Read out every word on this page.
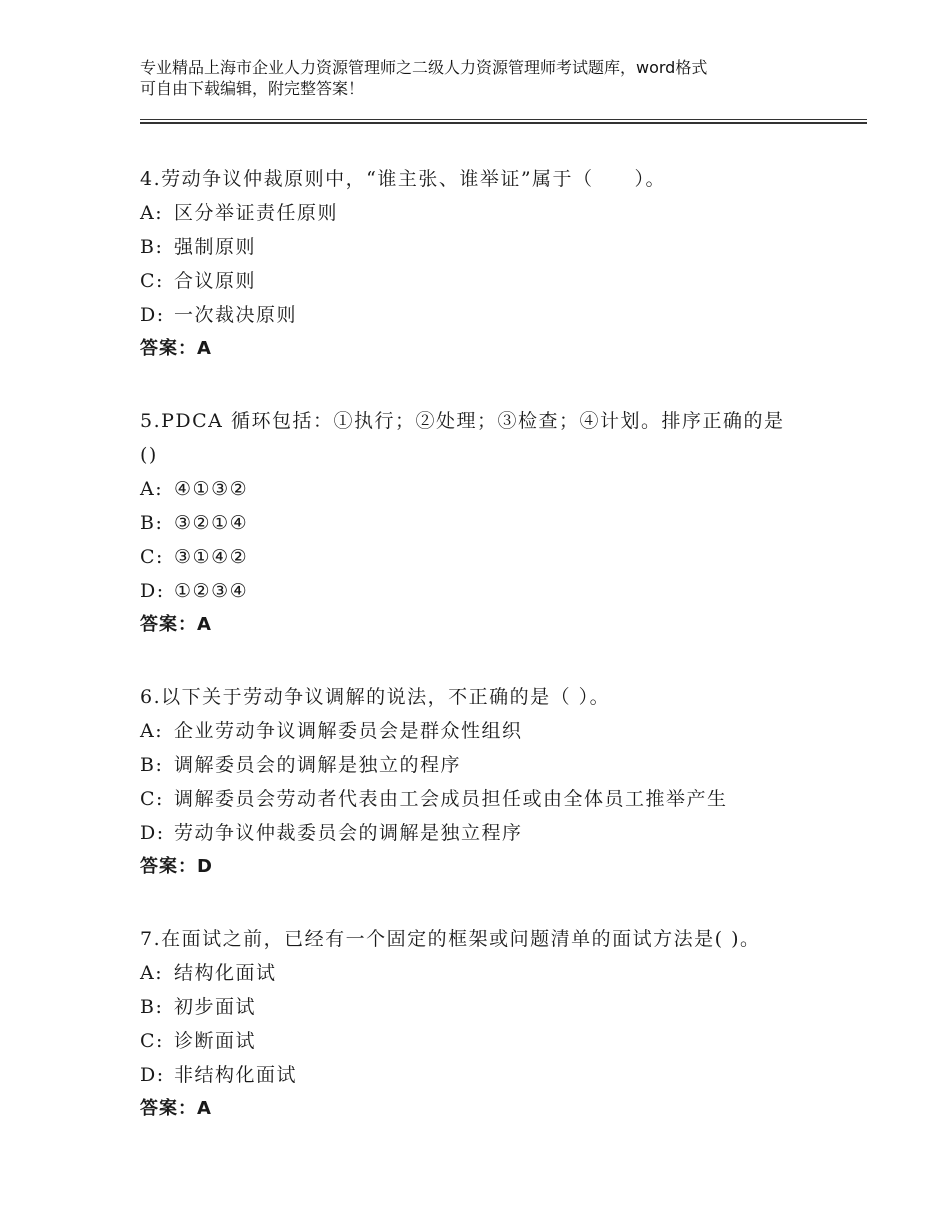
专业精品上海市企业人力资源管理师之二级人力资源管理师考试题库，word格式
可自由下载编辑，附完整答案！
4.劳动争议仲裁原则中，“谁主张、谁举证”属于（　　）。
A: 区分举证责任原则
B: 强制原则
C: 合议原则
D: 一次裁决原则
答案：A
5.PDCA 循环包括：①执行；②处理；③检查；④计划。排序正确的是
()
A: ④①③②
B: ③②①④
C: ③①④②
D: ①②③④
答案：A
6.以下关于劳动争议调解的说法，不正确的是（ ）。
A: 企业劳动争议调解委员会是群众性组织
B: 调解委员会的调解是独立的程序
C: 调解委员会劳动者代表由工会成员担任或由全体员工推举产生
D: 劳动争议仲裁委员会的调解是独立程序
答案：D
7.在面试之前，已经有一个固定的框架或问题清单的面试方法是( )。
A: 结构化面试
B: 初步面试
C: 诊断面试
D: 非结构化面试
答案：A
